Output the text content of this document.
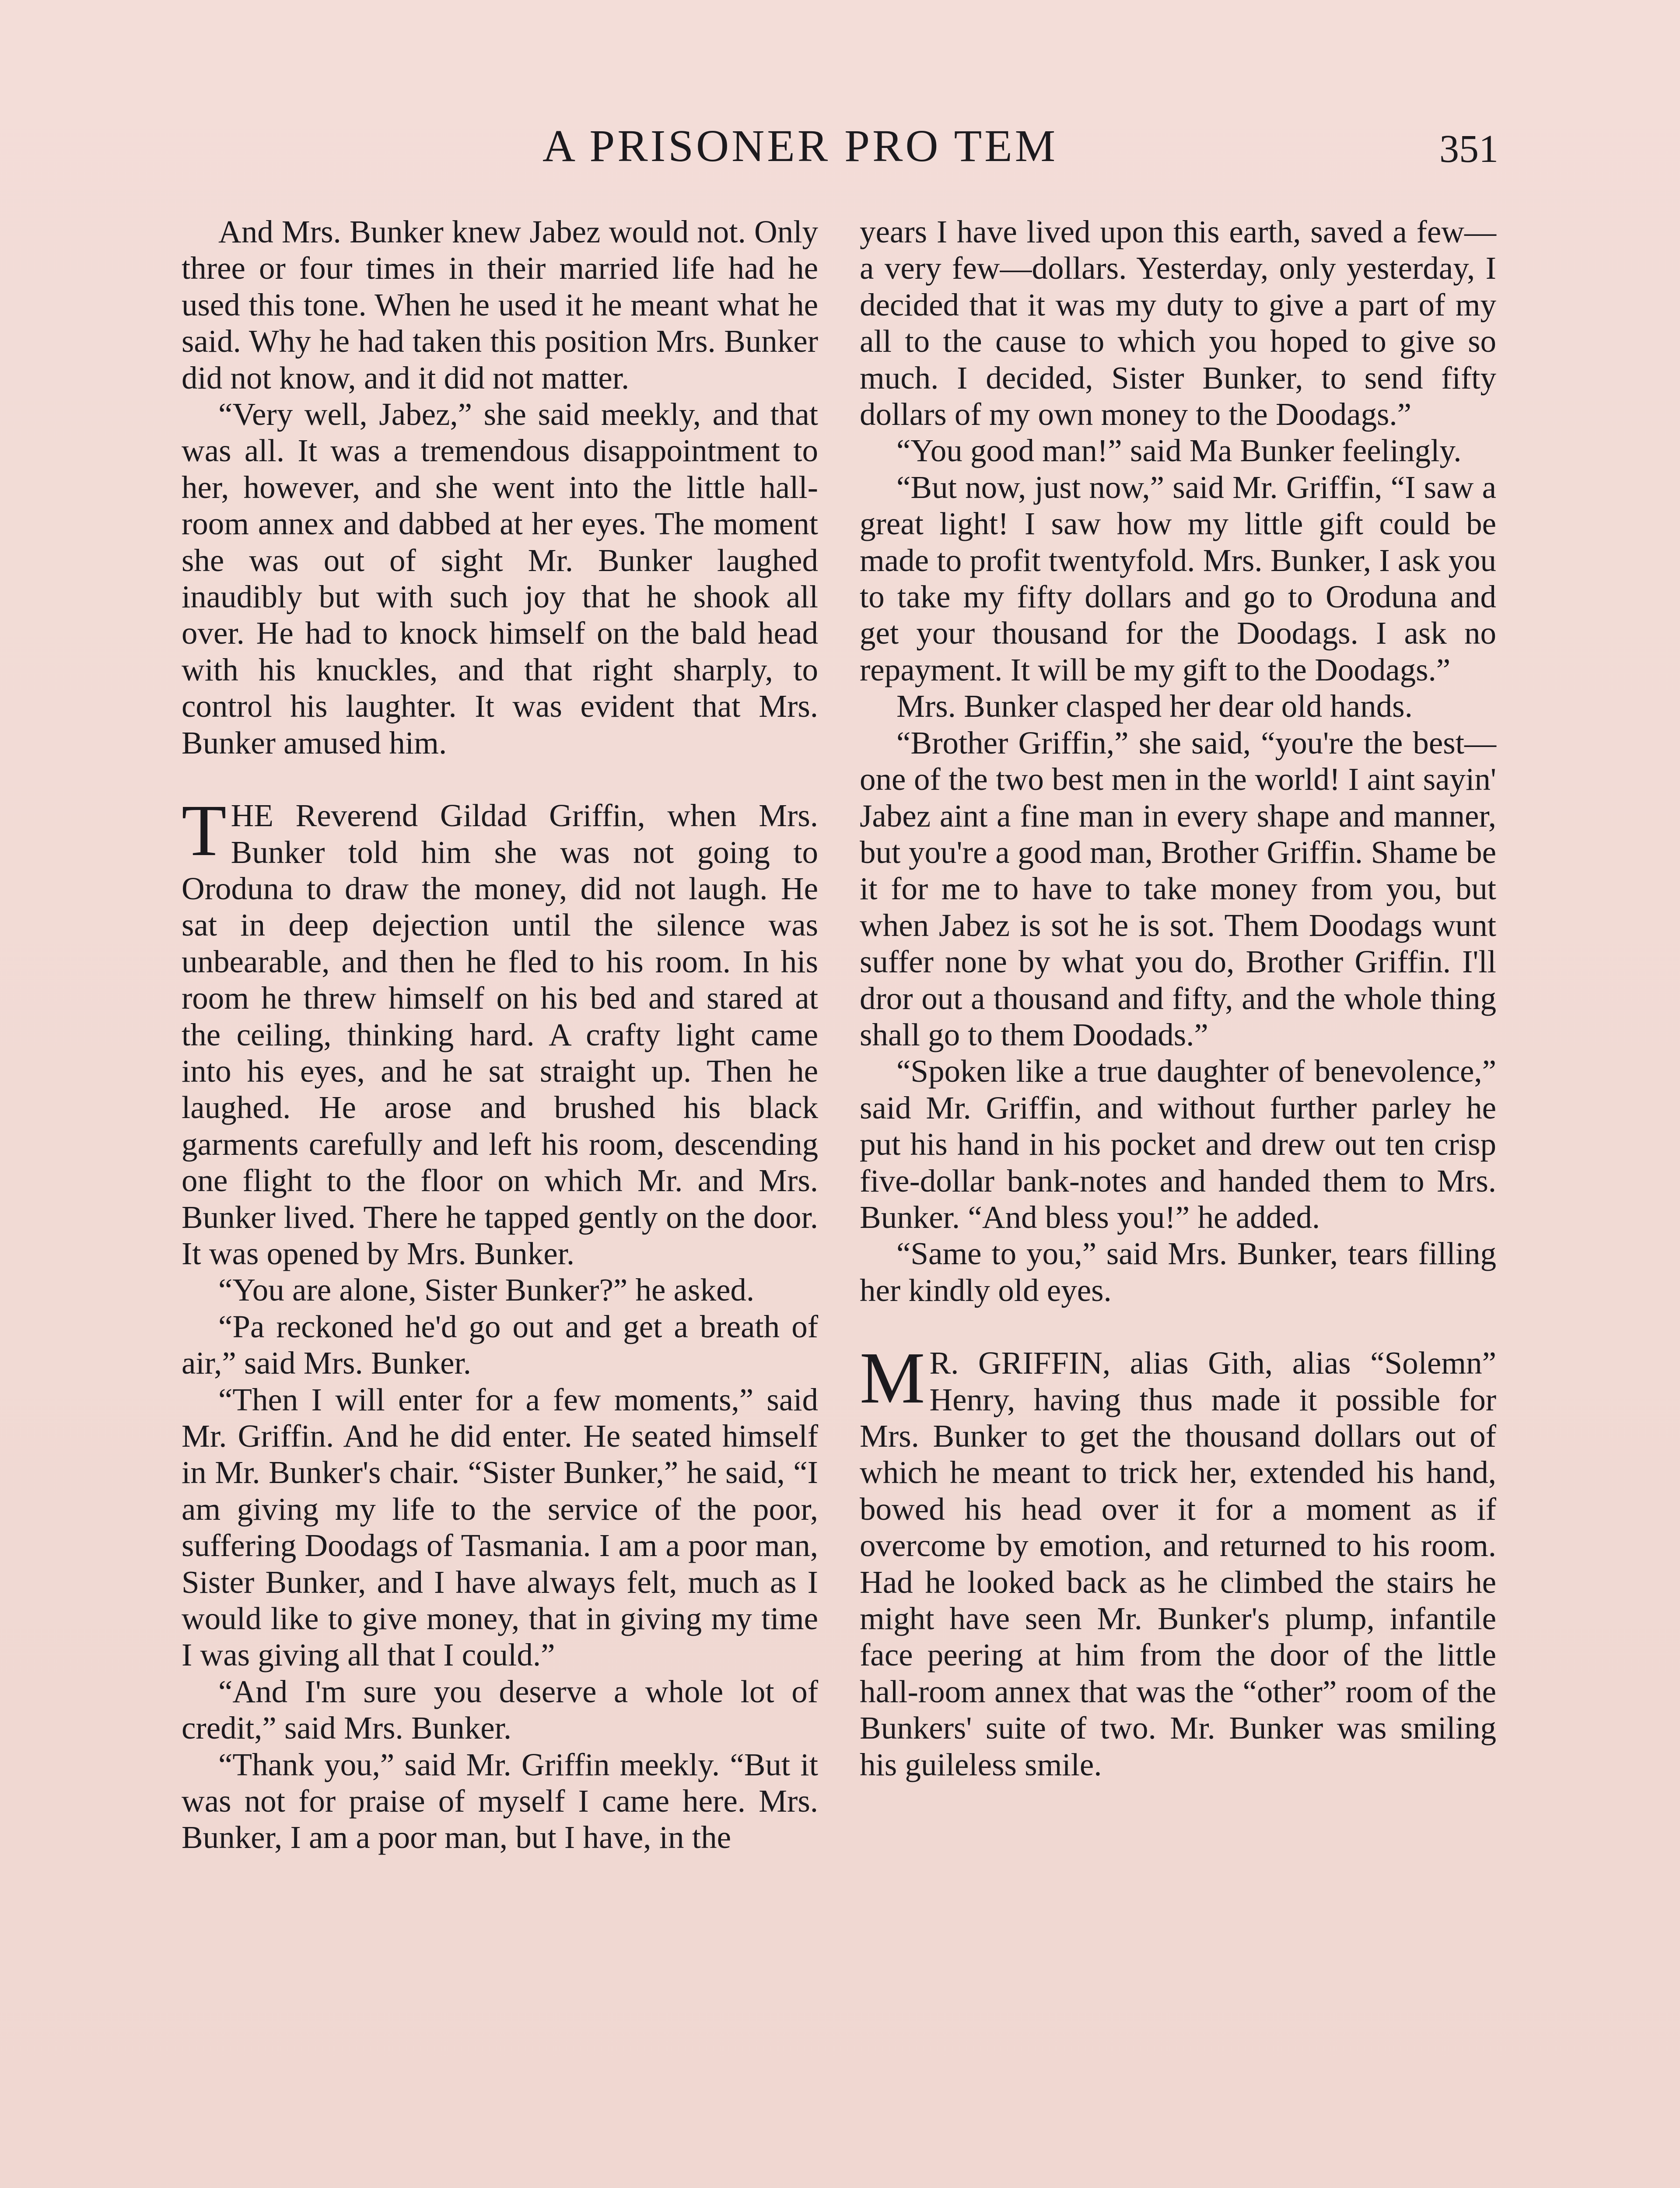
A PRISONER PRO TEM	351

And Mrs. Bunker knew Jabez would not. Only three or four times in their married life had he used this tone. When he used it he meant what he said. Why he had taken this position Mrs. Bunker did not know, and it did not matter.

“Very well, Jabez,” she said meekly, and that was all. It was a tremendous disappointment to her, however, and she went into the little hall-room annex and dabbed at her eyes. The moment she was out of sight Mr. Bunker laughed inaudibly but with such joy that he shook all over. He had to knock himself on the bald head with his knuckles, and that right sharply, to control his laughter. It was evident that Mrs. Bunker amused him.

THE Reverend Gildad Griffin, when Mrs. Bunker told him she was not going to Oroduna to draw the money, did not laugh. He sat in deep dejection until the silence was unbearable, and then he fled to his room. In his room he threw himself on his bed and stared at the ceiling, thinking hard. A crafty light came into his eyes, and he sat straight up. Then he laughed. He arose and brushed his black garments carefully and left his room, descending one flight to the floor on which Mr. and Mrs. Bunker lived. There he tapped gently on the door. It was opened by Mrs. Bunker.

“You are alone, Sister Bunker?” he asked.

“Pa reckoned he'd go out and get a breath of air,” said Mrs. Bunker.

“Then I will enter for a few moments,” said Mr. Griffin. And he did enter. He seated himself in Mr. Bunker's chair. “Sister Bunker,” he said, “I am giving my life to the service of the poor, suffering Doodags of Tasmania. I am a poor man, Sister Bunker, and I have always felt, much as I would like to give money, that in giving my time I was giving all that I could.”

“And I'm sure you deserve a whole lot of credit,” said Mrs. Bunker.

“Thank you,” said Mr. Griffin meekly. “But it was not for praise of myself I came here. Mrs. Bunker, I am a poor man, but I have, in the

years I have lived upon this earth, saved a few—a very few—dollars. Yesterday, only yesterday, I decided that it was my duty to give a part of my all to the cause to which you hoped to give so much. I decided, Sister Bunker, to send fifty dollars of my own money to the Doodags.”

“You good man!” said Ma Bunker feelingly.

“But now, just now,” said Mr. Griffin, “I saw a great light! I saw how my little gift could be made to profit twentyfold. Mrs. Bunker, I ask you to take my fifty dollars and go to Oroduna and get your thousand for the Doodags. I ask no repayment. It will be my gift to the Doodags.”

Mrs. Bunker clasped her dear old hands.

“Brother Griffin,” she said, “you're the best—one of the two best men in the world! I aint sayin' Jabez aint a fine man in every shape and manner, but you're a good man, Brother Griffin. Shame be it for me to have to take money from you, but when Jabez is sot he is sot. Them Doodags wunt suffer none by what you do, Brother Griffin. I'll dror out a thousand and fifty, and the whole thing shall go to them Doodads.”

“Spoken like a true daughter of benevolence,” said Mr. Griffin, and without further parley he put his hand in his pocket and drew out ten crisp five-dollar bank-notes and handed them to Mrs. Bunker. “And bless you!” he added.

“Same to you,” said Mrs. Bunker, tears filling her kindly old eyes.

M R. GRIFFIN, alias Gith, alias “Solemn” Henry, having thus made it possible for Mrs. Bunker to get the thousand dollars out of which he meant to trick her, extended his hand, bowed his head over it for a moment as if overcome by emotion, and returned to his room. Had he looked back as he climbed the stairs he might have seen Mr. Bunker's plump, infantile face peering at him from the door of the little hall-room annex that was the “other” room of the Bunkers' suite of two. Mr. Bunker was smiling his guileless smile.
